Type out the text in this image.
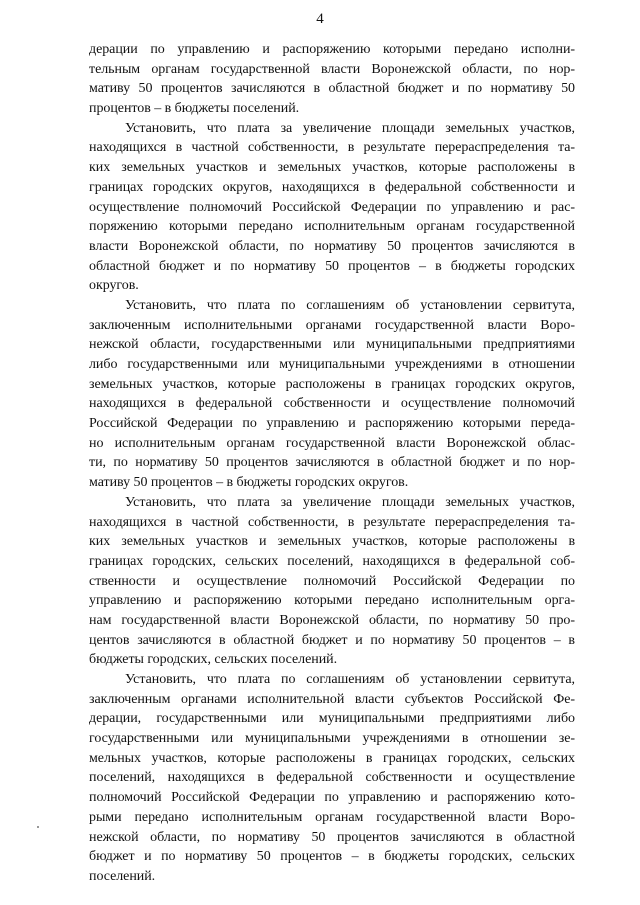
4
дерации по управлению и распоряжению которыми передано исполни-
тельным органам государственной власти Воронежской области, по нор-
мативу 50 процентов зачисляются в областной бюджет и по нормативу 50
процентов – в бюджеты поселений.
Установить, что плата за увеличение площади земельных участков,
находящихся в частной собственности, в результате перераспределения та-
ких земельных участков и земельных участков, которые расположены в
границах городских округов, находящихся в федеральной собственности и
осуществление полномочий Российской Федерации по управлению и рас-
поряжению которыми передано исполнительным органам государственной
власти Воронежской области, по нормативу 50 процентов зачисляются в
областной бюджет и по нормативу 50 процентов – в бюджеты городских
округов.
Установить, что плата по соглашениям об установлении сервитута,
заключенным исполнительными органами государственной власти Воро-
нежской области, государственными или муниципальными предприятиями
либо государственными или муниципальными учреждениями в отношении
земельных участков, которые расположены в границах городских округов,
находящихся в федеральной собственности и осуществление полномочий
Российской Федерации по управлению и распоряжению которыми переда-
но исполнительным органам государственной власти Воронежской облас-
ти, по нормативу 50 процентов зачисляются в областной бюджет и по нор-
мативу 50 процентов – в бюджеты городских округов.
Установить, что плата за увеличение площади земельных участков,
находящихся в частной собственности, в результате перераспределения та-
ких земельных участков и земельных участков, которые расположены в
границах городских, сельских поселений, находящихся в федеральной соб-
ственности и осуществление полномочий Российской Федерации по
управлению и распоряжению которыми передано исполнительным орга-
нам государственной власти Воронежской области, по нормативу 50 про-
центов зачисляются в областной бюджет и по нормативу 50 процентов – в
бюджеты городских, сельских поселений.
Установить, что плата по соглашениям об установлении сервитута,
заключенным органами исполнительной власти субъектов Российской Фе-
дерации, государственными или муниципальными предприятиями либо
государственными или муниципальными учреждениями в отношении зе-
мельных участков, которые расположены в границах городских, сельских
поселений, находящихся в федеральной собственности и осуществление
полномочий Российской Федерации по управлению и распоряжению кото-
рыми передано исполнительным органам государственной власти Воро-
нежской области, по нормативу 50 процентов зачисляются в областной
бюджет и по нормативу 50 процентов – в бюджеты городских, сельских
поселений.
